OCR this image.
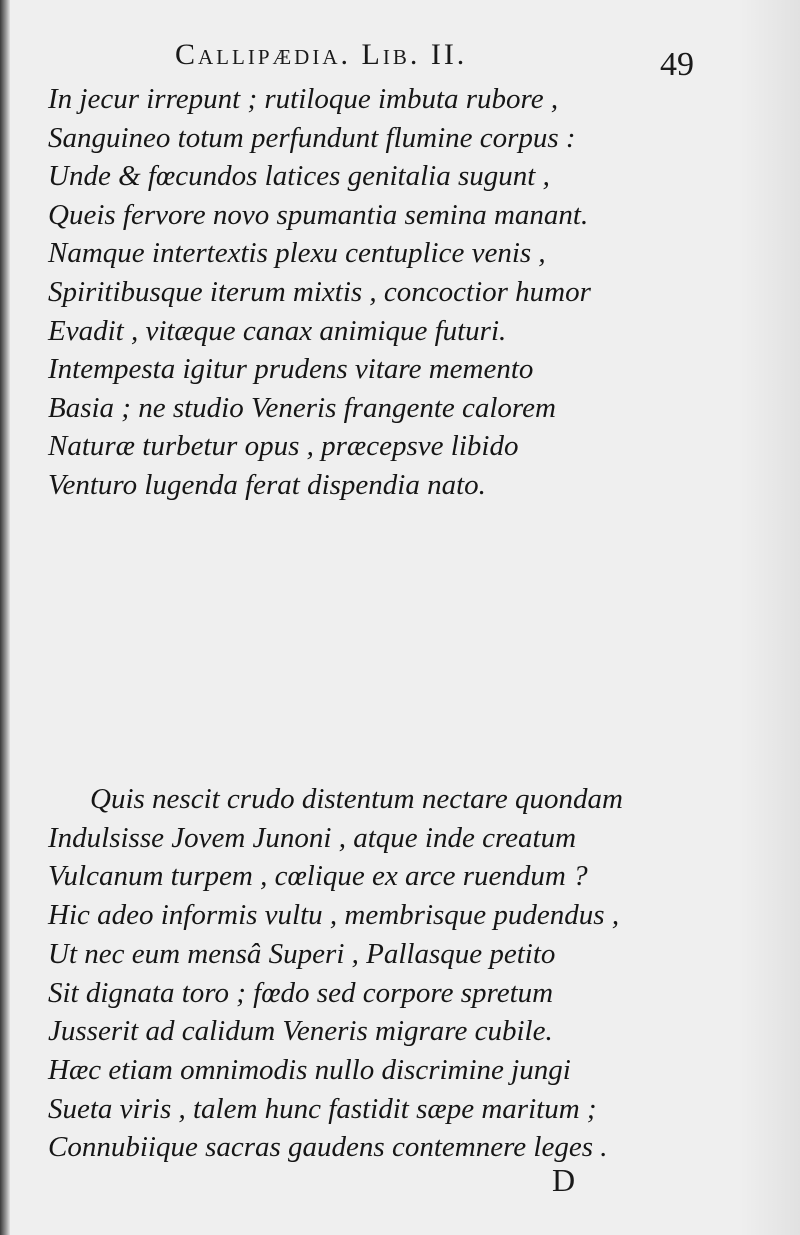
Callipædia. Lib. II.	49
In jecur irrepunt ; rutiloque imbuta rubore ,
Sanguineo totum perfundunt flumine corpus :
Unde & fœcundos latices genitalia sugunt ,
Queis fervore novo spumantia semina manant.
Namque intertextis plexu centuplice venis ,
Spiritibusque iterum mixtis , concoctior humor
Evadit , vitæque canax animique futuri.
Intempesta igitur prudens vitare memento
Basia ; ne studio Veneris frangente calorem
Naturæ turbetur opus , præcepsve libido
Venturo lugenda ferat dispendia nato.
Quis nescit crudo distentum nectare quondam
Indulsisse Jovem Junoni , atque inde creatum
Vulcanum turpem , cœlique ex arce ruendum ?
Hic adeo informis vultu , membrisque pudendus ,
Ut nec eum mensâ Superi , Pallasque petito
Sit dignata toro ; fœdo sed corpore spretum
Jusserit ad calidum Veneris migrare cubile.
Hæc etiam omnimodis nullo discrimine jungi
Sueta viris , talem hunc fastidit sæpe maritum ;
Connubiique sacras gaudens contemnere leges .
D
